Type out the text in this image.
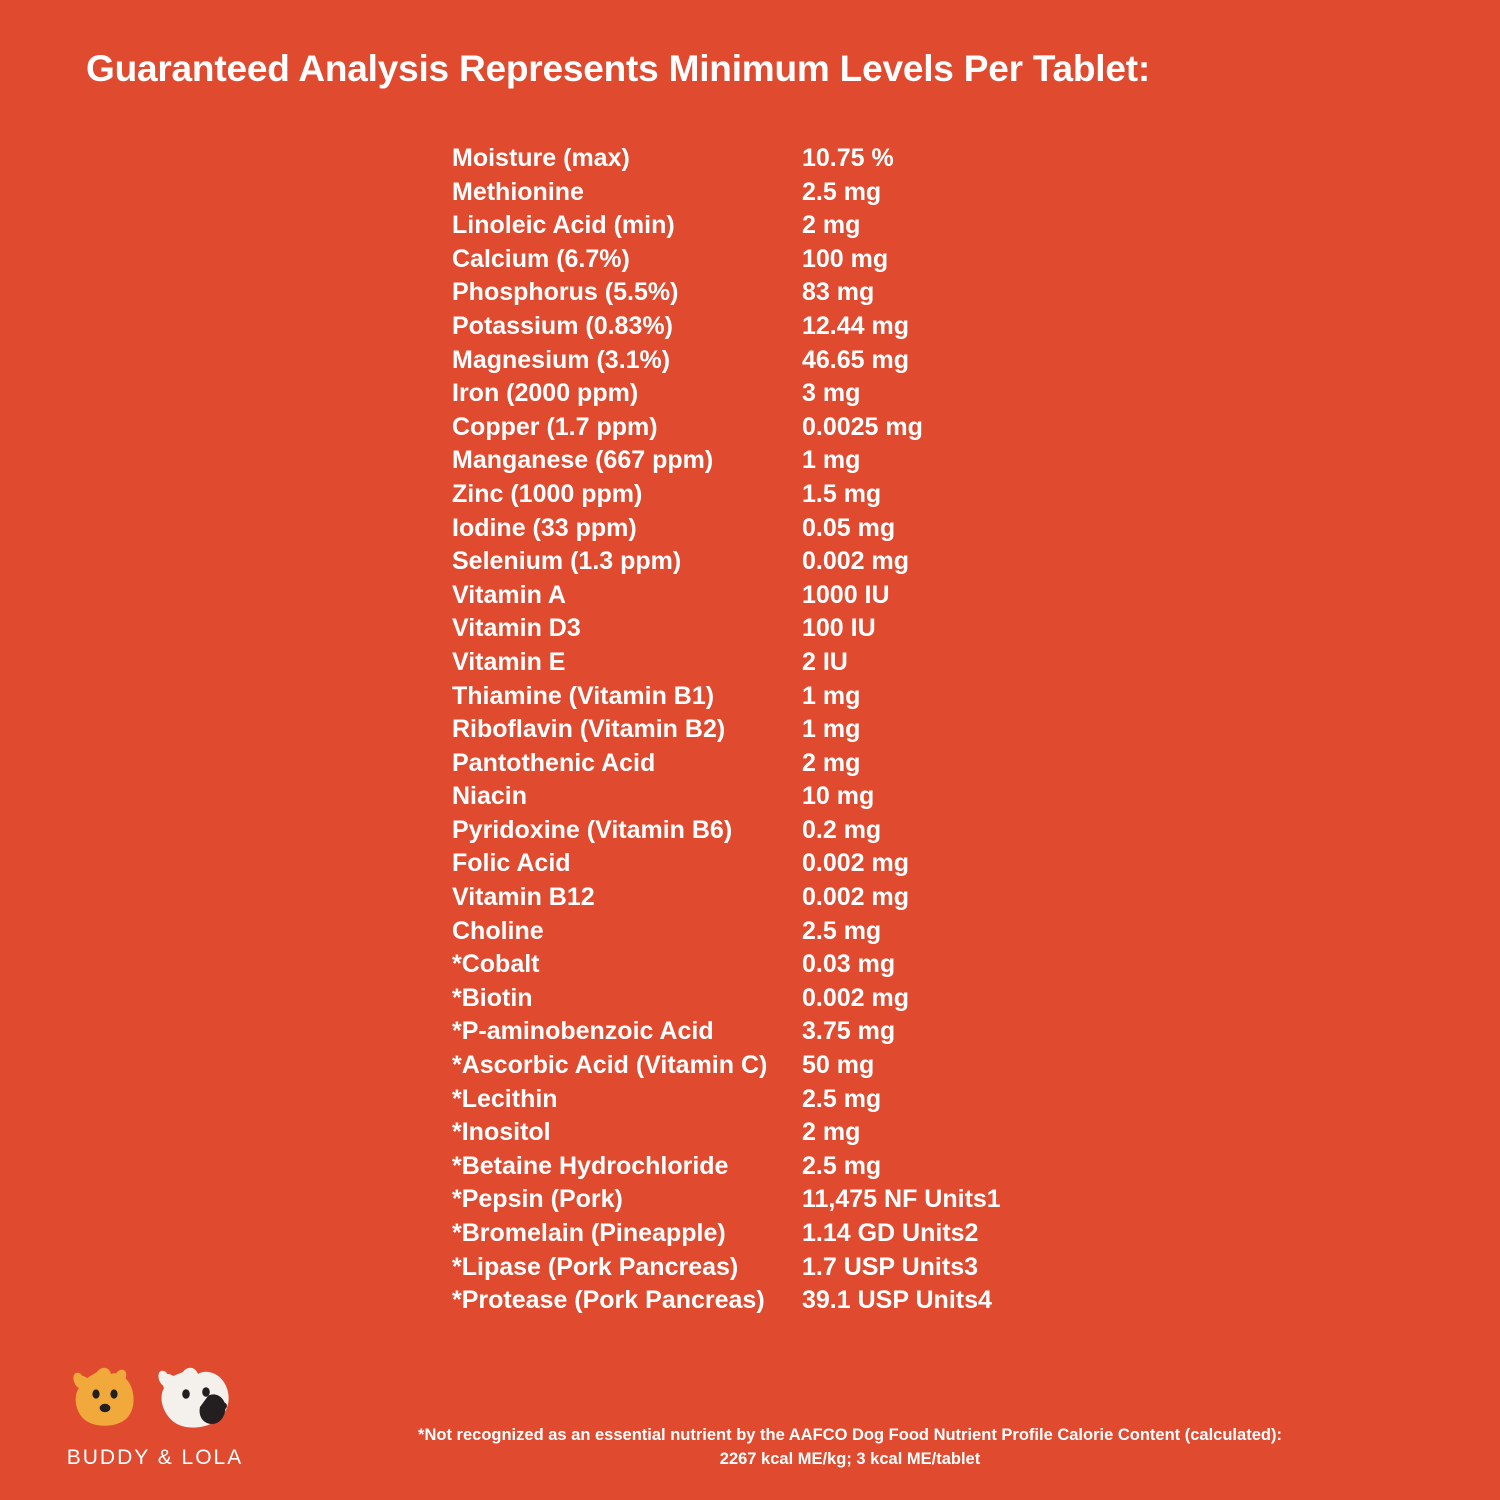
Guaranteed Analysis Represents Minimum Levels Per Tablet:
Moisture (max)	10.75 %
Methionine	2.5 mg
Linoleic Acid (min)	2 mg
Calcium (6.7%)	100 mg
Phosphorus (5.5%)	83 mg
Potassium (0.83%)	12.44 mg
Magnesium (3.1%)	46.65 mg
Iron (2000 ppm)	3 mg
Copper (1.7 ppm)	0.0025 mg
Manganese (667 ppm)	1 mg
Zinc (1000 ppm)	1.5 mg
Iodine (33 ppm)	0.05 mg
Selenium (1.3 ppm)	0.002 mg
Vitamin A	1000 IU
Vitamin D3	100 IU
Vitamin E	2 IU
Thiamine (Vitamin B1)	1 mg
Riboflavin (Vitamin B2)	1 mg
Pantothenic Acid	2 mg
Niacin	10 mg
Pyridoxine (Vitamin B6)	0.2 mg
Folic Acid	0.002 mg
Vitamin B12	0.002 mg
Choline	2.5 mg
*Cobalt	0.03 mg
*Biotin	0.002 mg
*P-aminobenzoic Acid	3.75 mg
*Ascorbic Acid (Vitamin C)	50 mg
*Lecithin	2.5 mg
*Inositol	2 mg
*Betaine Hydrochloride	2.5 mg
*Pepsin (Pork)	11,475 NF Units1
*Bromelain (Pineapple)	1.14 GD Units2
*Lipase (Pork Pancreas)	1.7 USP Units3
*Protease (Pork Pancreas)	39.1 USP Units4
BUDDY & LOLA
*Not recognized as an essential nutrient by the AAFCO Dog Food Nutrient Profile Calorie Content (calculated):
2267 kcal ME/kg; 3 kcal ME/tablet
